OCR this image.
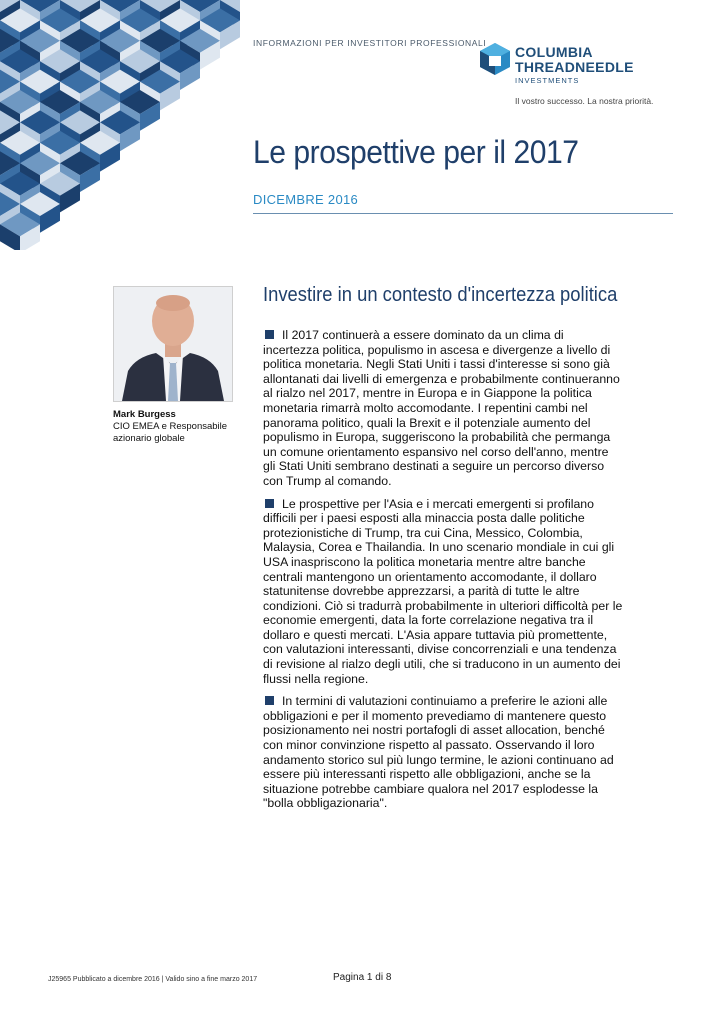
INFORMAZIONI PER INVESTITORI PROFESSIONALI
COLUMBIA
THREADNEEDLE
INVESTMENTS
Il vostro successo. La nostra priorità.
Le prospettive per il 2017
DICEMBRE 2016
Mark Burgess
CIO EMEA e Responsabile azionario globale
Investire in un contesto d'incertezza politica

Il 2017 continuerà a essere dominato da un clima di incertezza politica, populismo in ascesa e divergenze a livello di politica monetaria. Negli Stati Uniti i tassi d'interesse si sono già allontanati dai livelli di emergenza e probabilmente continueranno al rialzo nel 2017, mentre in Europa e in Giappone la politica monetaria rimarrà molto accomodante. I repentini cambi nel panorama politico, quali la Brexit e il potenziale aumento del populismo in Europa, suggeriscono la probabilità che permanga un comune orientamento espansivo nel corso dell'anno, mentre gli Stati Uniti sembrano destinati a seguire un percorso diverso con Trump al comando.

Le prospettive per l'Asia e i mercati emergenti si profilano difficili per i paesi esposti alla minaccia posta dalle politiche protezionistiche di Trump, tra cui Cina, Messico, Colombia, Malaysia, Corea e Thailandia. In uno scenario mondiale in cui gli USA inaspriscono la politica monetaria mentre altre banche centrali mantengono un orientamento accomodante, il dollaro statunitense dovrebbe apprezzarsi, a parità di tutte le altre condizioni. Ciò si tradurrà probabilmente in ulteriori difficoltà per le economie emergenti, data la forte correlazione negativa tra il dollaro e questi mercati. L'Asia appare tuttavia più promettente, con valutazioni interessanti, divise concorrenziali e una tendenza di revisione al rialzo degli utili, che si traducono in un aumento dei flussi nella regione.

In termini di valutazioni continuiamo a preferire le azioni alle obbligazioni e per il momento prevediamo di mantenere questo posizionamento nei nostri portafogli di asset allocation, benché con minor convinzione rispetto al passato. Osservando il loro andamento storico sul più lungo termine, le azioni continuano ad essere più interessanti rispetto alle obbligazioni, anche se la situazione potrebbe cambiare qualora nel 2017 esplodesse la "bolla obbligazionaria".

J25965 Pubblicato a dicembre 2016 | Valido sino a fine marzo 2017	Pagina 1 di 8
